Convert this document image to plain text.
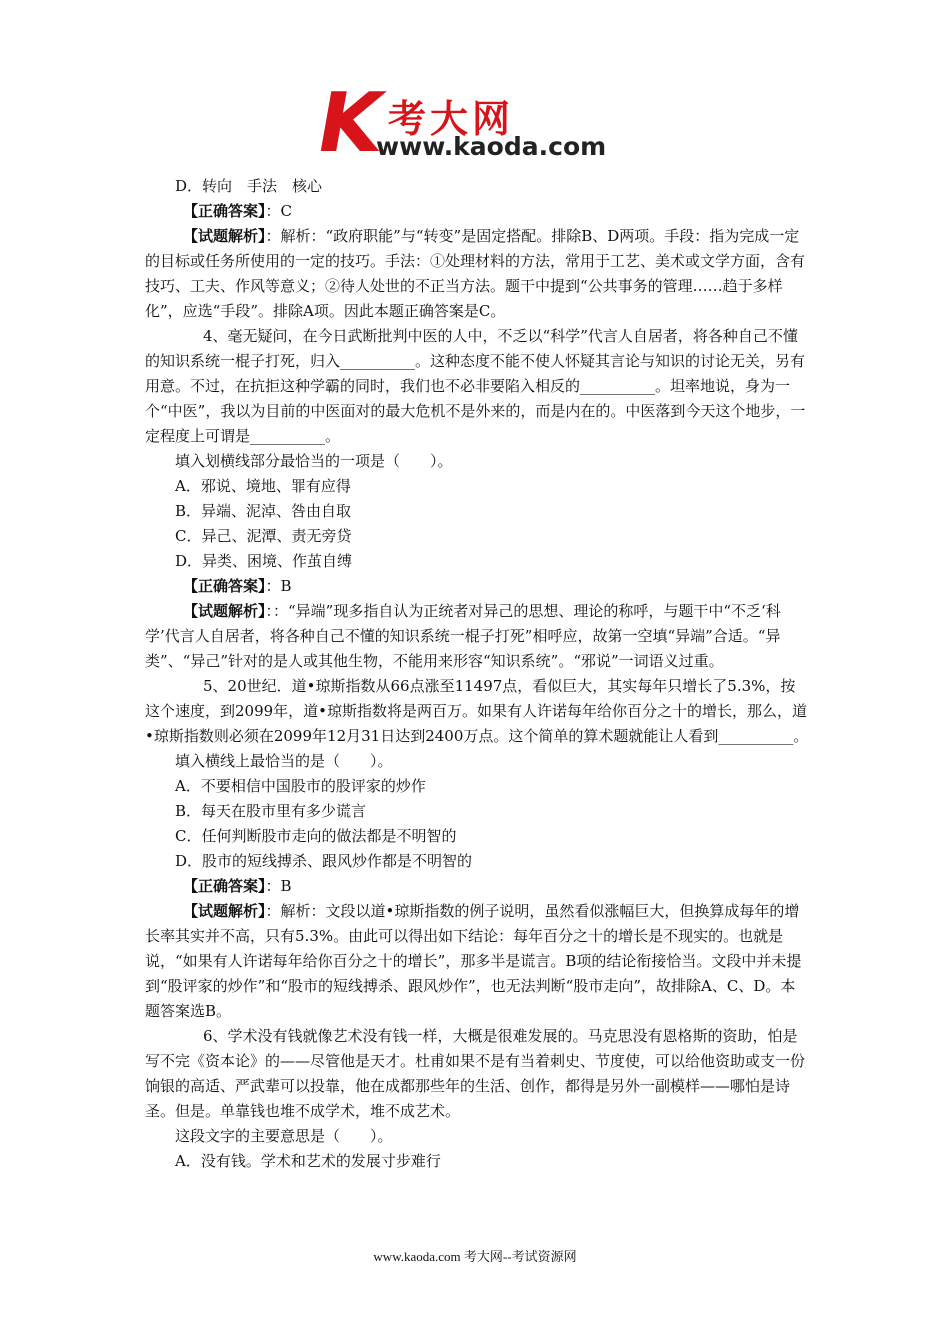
K
考大网
www.kaoda.com

D．转向　手法　核心

【正确答案】：C

【试题解析】：解析：“政府职能”与“转变”是固定搭配。排除B、D两项。手段：指为完成一定的目标或任务所使用的一定的技巧。手法：①处理材料的方法，常用于工艺、美术或文学方面，含有技巧、工夫、作风等意义；②待人处世的不正当方法。题干中提到“公共事务的管理……趋于多样化”，应选“手段”。排除A项。因此本题正确答案是C。

4、毫无疑问，在今日武断批判中医的人中，不乏以“科学”代言人自居者，将各种自己不懂的知识系统一棍子打死，归入__________。这种态度不能不使人怀疑其言论与知识的讨论无关，另有用意。不过，在抗拒这种学霸的同时，我们也不必非要陷入相反的__________。坦率地说，身为一个“中医”，我以为目前的中医面对的最大危机不是外来的，而是内在的。中医落到今天这个地步，一定程度上可谓是__________。

填入划横线部分最恰当的一项是（　　）。

A．邪说、境地、罪有应得

B．异端、泥淖、咎由自取

C．异己、泥潭、责无旁贷

D．异类、困境、作茧自缚

【正确答案】：B

【试题解析】：：“异端”现多指自认为正统者对异己的思想、理论的称呼，与题干中“不乏‘科学’代言人自居者，将各种自己不懂的知识系统一棍子打死”相呼应，故第一空填“异端”合适。“异类”、“异己”针对的是人或其他生物，不能用来形容“知识系统”。“邪说”一词语义过重。

5、20世纪．道•琼斯指数从66点涨至11497点，看似巨大，其实每年只增长了5.3%，按这个速度，到2099年，道•琼斯指数将是两百万。如果有人许诺每年给你百分之十的增长，那么，道•琼斯指数则必须在2099年12月31日达到2400万点。这个简单的算术题就能让人看到__________。

填入横线上最恰当的是（　　）。

A．不要相信中国股市的股评家的炒作

B．每天在股市里有多少谎言

C．任何判断股市走向的做法都是不明智的

D．股市的短线搏杀、跟风炒作都是不明智的

【正确答案】：B

【试题解析】：解析：文段以道•琼斯指数的例子说明，虽然看似涨幅巨大，但换算成每年的增长率其实并不高，只有5.3%。由此可以得出如下结论：每年百分之十的增长是不现实的。也就是说，“如果有人许诺每年给你百分之十的增长”，那多半是谎言。B项的结论衔接恰当。文段中并未提到“股评家的炒作”和“股市的短线搏杀、跟风炒作”，也无法判断“股市走向”，故排除A、C、D。本题答案选B。

6、学术没有钱就像艺术没有钱一样，大概是很难发展的。马克思没有恩格斯的资助，怕是写不完《资本论》的——尽管他是天才。杜甫如果不是有当着刺史、节度使，可以给他资助或支一份饷银的高适、严武辈可以投靠，他在成都那些年的生活、创作，都得是另外一副模样——哪怕是诗圣。但是。单靠钱也堆不成学术，堆不成艺术。

这段文字的主要意思是（　　）。

A．没有钱。学术和艺术的发展寸步难行

www.kaoda.com 考大网--考试资源网
